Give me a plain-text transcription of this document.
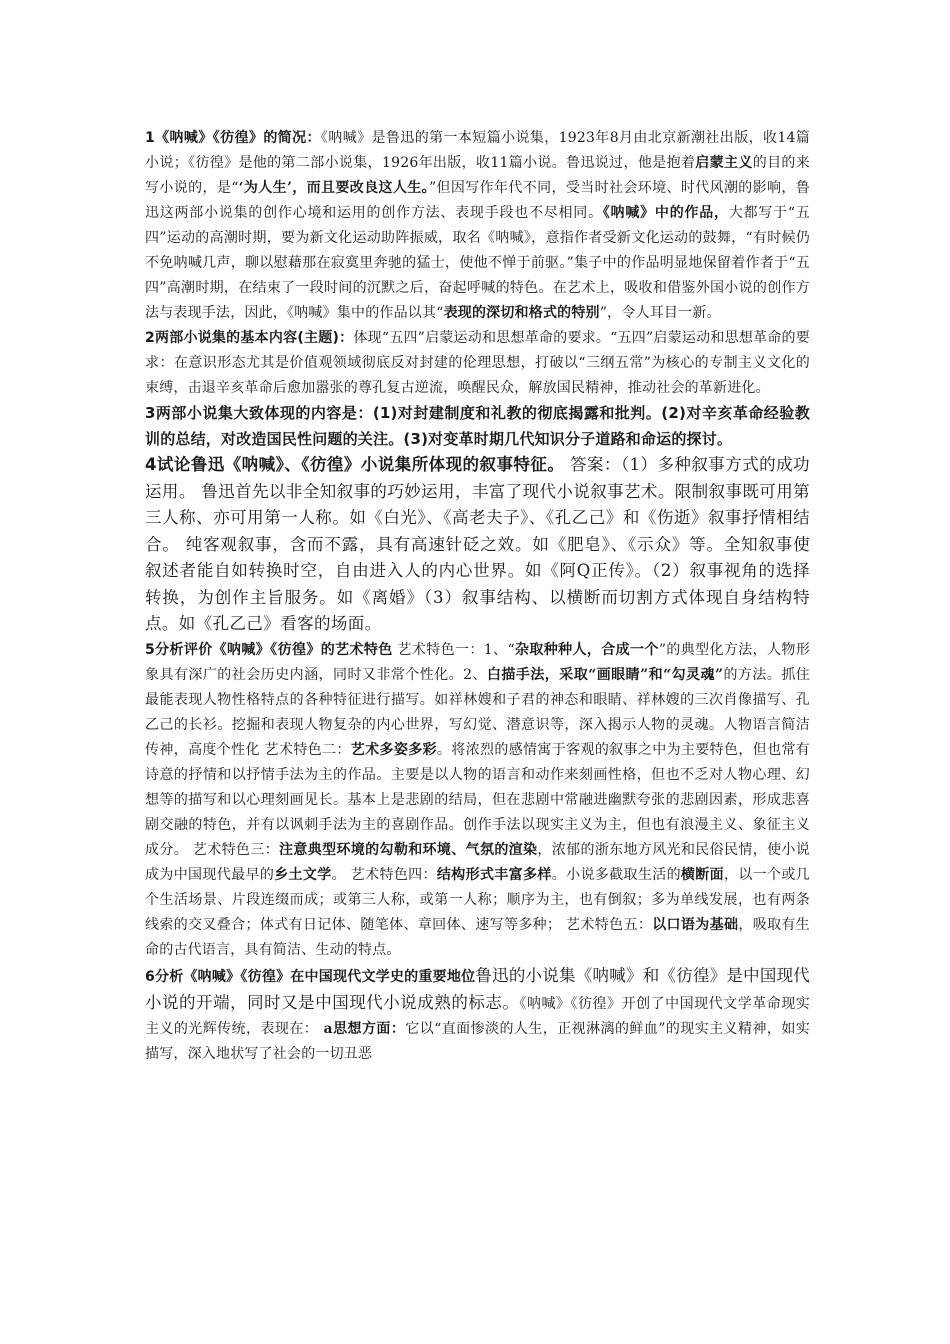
1《呐喊》《彷徨》的简况：《呐喊》是鲁迅的第一本短篇小说集，1923年8月由北京新潮社出版，收14篇小说；《彷徨》是他的第二部小说集，1926年出版，收11篇小说。鲁迅说过，他是抱着启蒙主义的目的来写小说的，是“‘为人生’，而且要改良这人生。”但因写作年代不同，受当时社会环境、时代风潮的影响，鲁迅这两部小说集的创作心境和运用的创作方法、表现手段也不尽相同。《呐喊》中的作品，大都写于“五四”运动的高潮时期，要为新文化运动助阵振威，取名《呐喊》，意指作者受新文化运动的鼓舞，“有时候仍不免呐喊几声，聊以慰藉那在寂寞里奔驰的猛士，使他不惮于前驱。”集子中的作品明显地保留着作者于“五四”高潮时期，在结束了一段时间的沉默之后，奋起呼喊的特色。在艺术上，吸收和借鉴外国小说的创作方法与表现手法，因此，《呐喊》集中的作品以其“表现的深切和格式的特别”，令人耳目一新。

2两部小说集的基本内容(主题)：体现“五四”启蒙运动和思想革命的要求。“五四”启蒙运动和思想革命的要求：在意识形态尤其是价值观领域彻底反对封建的伦理思想，打破以“三纲五常”为核心的专制主义文化的束缚，击退辛亥革命后愈加嚣张的尊孔复古逆流，唤醒民众，解放国民精神，推动社会的革新进化。

3两部小说集大致体现的内容是：(1)对封建制度和礼教的彻底揭露和批判。(2)对辛亥革命经验教训的总结，对改造国民性问题的关注。(3)对变革时期几代知识分子道路和命运的探讨。

4试论鲁迅《呐喊》、《彷徨》小说集所体现的叙事特征。 答案：（1）多种叙事方式的成功运用。 鲁迅首先以非全知叙事的巧妙运用，丰富了现代小说叙事艺术。限制叙事既可用第三人称、亦可用第一人称。如《白光》、《高老夫子》、《孔乙己》和《伤逝》叙事抒情相结合。 纯客观叙事，含而不露，具有高速针砭之效。如《肥皂》、《示众》等。全知叙事使叙述者能自如转换时空，自由进入人的内心世界。如《阿Q正传》。（2）叙事视角的选择转换，为创作主旨服务。如《离婚》（3）叙事结构、以横断而切割方式体现自身结构特点。如《孔乙己》看客的场面。

5分析评价《呐喊》《彷徨》的艺术特色 艺术特色一：1、“杂取种种人，合成一个”的典型化方法，人物形象具有深广的社会历史内涵，同时又非常个性化。2、白描手法，采取“画眼睛”和“勾灵魂”的方法。抓住最能表现人物性格特点的各种特征进行描写。如祥林嫂和子君的神态和眼睛、祥林嫂的三次肖像描写、孔乙己的长衫。挖掘和表现人物复杂的内心世界，写幻觉、潜意识等，深入揭示人物的灵魂。人物语言简洁传神，高度个性化 艺术特色二：艺术多姿多彩。将浓烈的感情寓于客观的叙事之中为主要特色，但也常有诗意的抒情和以抒情手法为主的作品。主要是以人物的语言和动作来刻画性格，但也不乏对人物心理、幻想等的描写和以心理刻画见长。基本上是悲剧的结局，但在悲剧中常融进幽默夸张的悲剧因素，形成悲喜剧交融的特色，并有以讽刺手法为主的喜剧作品。创作手法以现实主义为主，但也有浪漫主义、象征主义成分。 艺术特色三：注意典型环境的勾勒和环境、气氛的渲染，浓郁的浙东地方风光和民俗民情，使小说成为中国现代最早的乡土文学。 艺术特色四：结构形式丰富多样。小说多截取生活的横断面，以一个或几个生活场景、片段连缀而成；或第三人称，或第一人称；顺序为主，也有倒叙；多为单线发展，也有两条线索的交叉叠合；体式有日记体、随笔体、章回体、速写等多种； 艺术特色五：以口语为基础，吸取有生命的古代语言，具有简洁、生动的特点。

6分析《呐喊》《彷徨》在中国现代文学史的重要地位鲁迅的小说集《呐喊》和《彷徨》是中国现代小说的开端，同时又是中国现代小说成熟的标志。《呐喊》《彷徨》开创了中国现代文学革命现实主义的光辉传统，表现在： a思想方面：它以“直面惨淡的人生，正视淋漓的鲜血”的现实主义精神，如实描写，深入地状写了社会的一切丑恶
